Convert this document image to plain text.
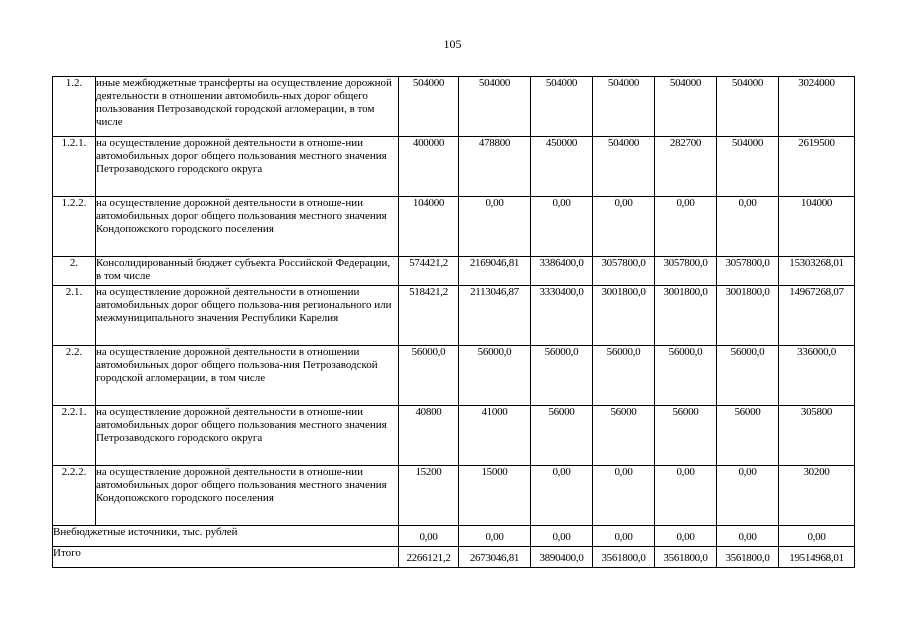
105
1.2.	иные межбюджетные трансферты на осуществление дорожной деятельности в отношении автомобиль-ных дорог общего пользования Петрозаводской городской агломерации, в том числе	504000	504000	504000	504000	504000	504000	3024000
1.2.1.	на осуществление дорожной деятельности в отноше-нии автомобильных дорог общего пользования местного значения Петрозаводского городского округа	400000	478800	450000	504000	282700	504000	2619500
1.2.2.	на осуществление дорожной деятельности в отноше-нии автомобильных дорог общего пользования местного значения Кондопожского городского поселения	104000	0,00	0,00	0,00	0,00	0,00	104000
2.	Консолидированный бюджет субъекта Российской Федерации, в том числе	574421,2	2169046,81	3386400,0	3057800,0	3057800,0	3057800,0	15303268,01
2.1.	на осуществление дорожной деятельности в отношении автомобильных дорог общего пользова-ния регионального или межмуниципального значения Республики Карелия	518421,2	2113046,87	3330400,0	3001800,0	3001800,0	3001800,0	14967268,07
2.2.	на осуществление дорожной деятельности в отношении автомобильных дорог общего пользова-ния Петрозаводской городской агломерации, в том числе	56000,0	56000,0	56000,0	56000,0	56000,0	56000,0	336000,0
2.2.1.	на осуществление дорожной деятельности в отноше-нии автомобильных дорог общего пользования местного значения Петрозаводского городского округа	40800	41000	56000	56000	56000	56000	305800
2.2.2.	на осуществление дорожной деятельности в отноше-нии автомобильных дорог общего пользования местного значения Кондопожского городского поселения	15200	15000	0,00	0,00	0,00	0,00	30200
Внебюджетные источники, тыс. рублей		0,00	0,00	0,00	0,00	0,00	0,00	0,00
Итого		2266121,2	2673046,81	3890400,0	3561800,0	3561800,0	3561800,0	19514968,01
